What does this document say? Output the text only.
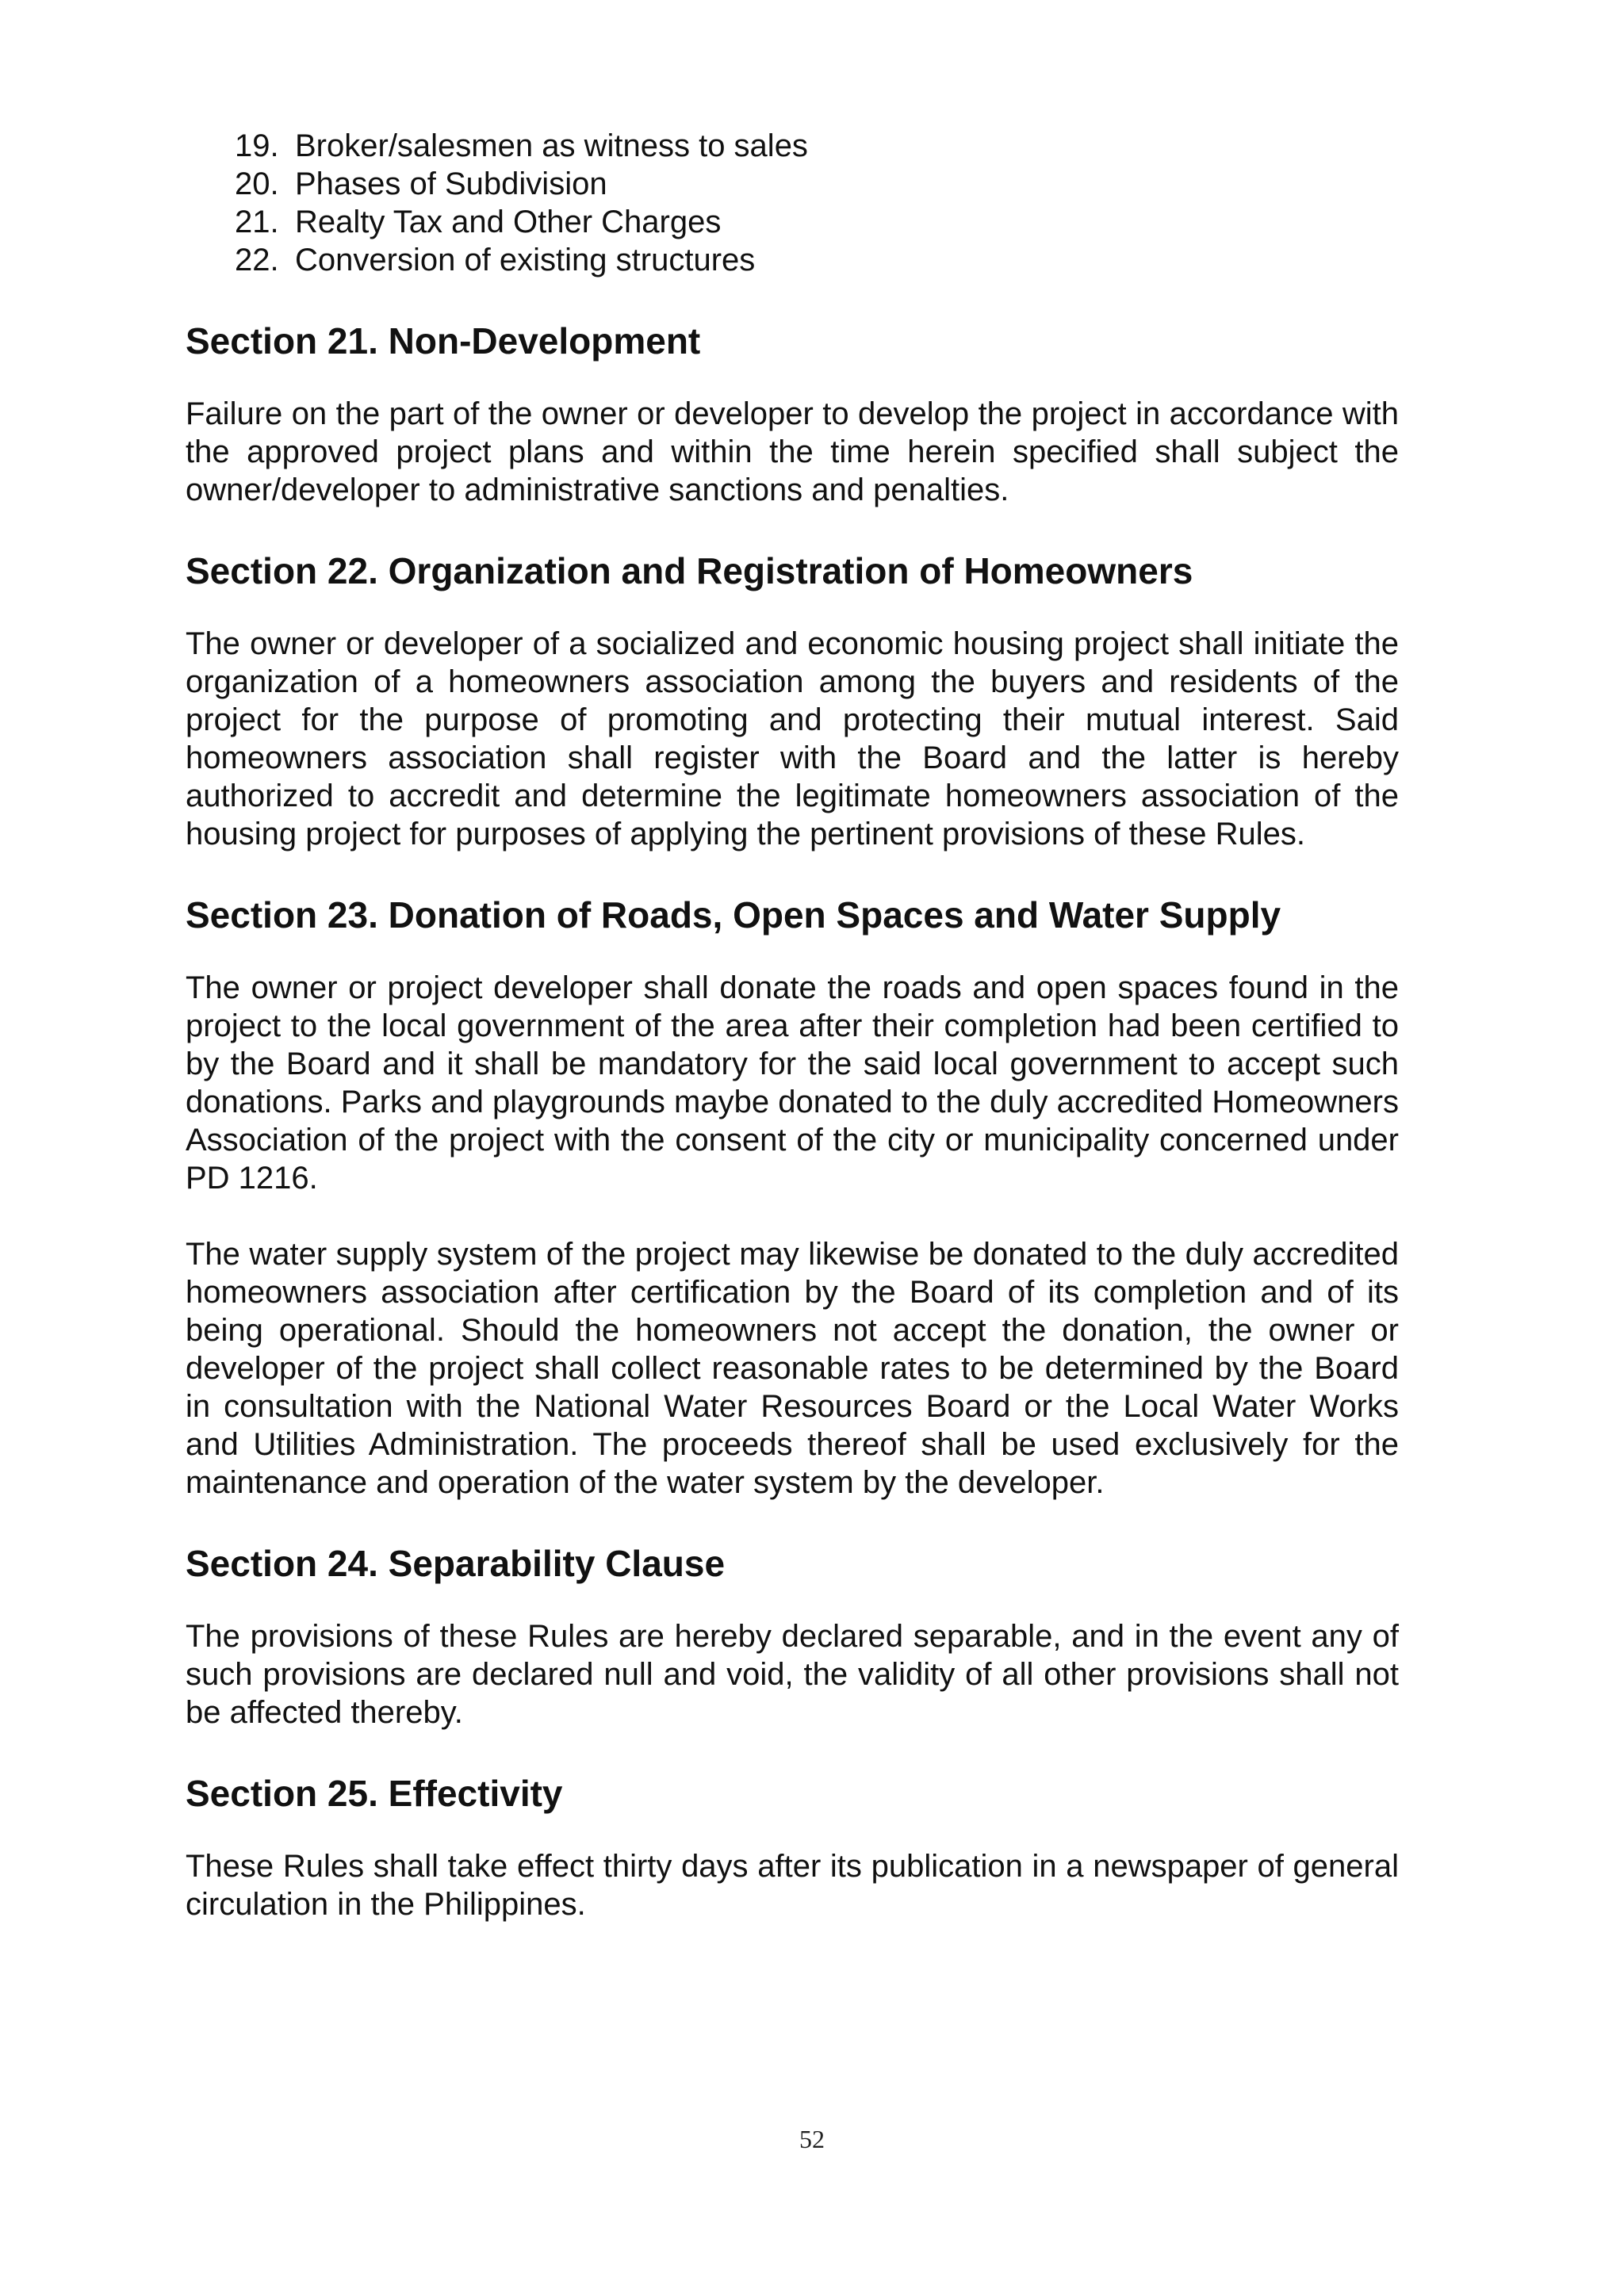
19. Broker/salesmen as witness to sales
20. Phases of Subdivision
21. Realty Tax and Other Charges
22. Conversion of existing structures
Section 21. Non-Development

Failure on the part of the owner or developer to develop the project in accordance with the approved project plans and within the time herein specified shall subject the owner/developer to administrative sanctions and penalties.

Section 22. Organization and Registration of Homeowners

The owner or developer of a socialized and economic housing project shall initiate the organization of a homeowners association among the buyers and residents of the project for the purpose of promoting and protecting their mutual interest. Said homeowners association shall register with the Board and the latter is hereby authorized to accredit and determine the legitimate homeowners association of the housing project for purposes of applying the pertinent provisions of these Rules.

Section 23. Donation of Roads, Open Spaces and Water Supply

The owner or project developer shall donate the roads and open spaces found in the project to the local government of the area after their completion had been certified to by the Board and it shall be mandatory for the said local government to accept such donations. Parks and playgrounds maybe donated to the duly accredited Homeowners Association of the project with the consent of the city or municipality concerned under PD 1216.

The water supply system of the project may likewise be donated to the duly accredited homeowners association after certification by the Board of its completion and of its being operational. Should the homeowners not accept the donation, the owner or developer of the project shall collect reasonable rates to be determined by the Board in consultation with the National Water Resources Board or the Local Water Works and Utilities Administration. The proceeds thereof shall be used exclusively for the maintenance and operation of the water system by the developer.

Section 24. Separability Clause

The provisions of these Rules are hereby declared separable, and in the event any of such provisions are declared null and void, the validity of all other provisions shall not be affected thereby.

Section 25. Effectivity

These Rules shall take effect thirty days after its publication in a newspaper of general circulation in the Philippines.

52
